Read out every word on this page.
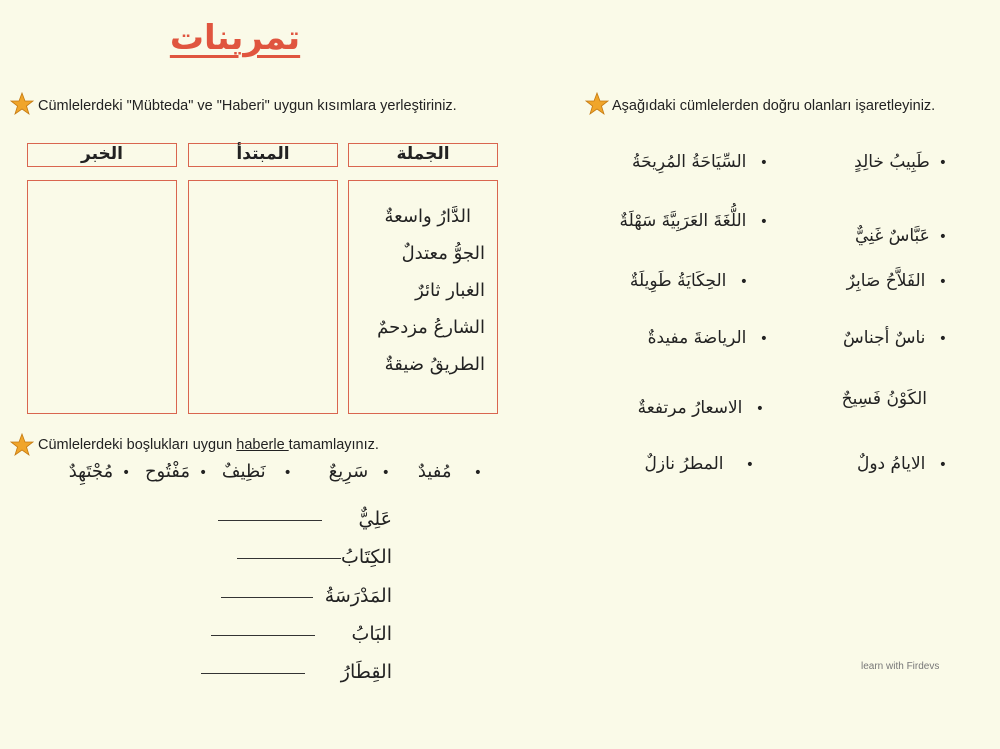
تمرينات
Cümlelerdeki "Mübteda" ve "Haberi" uygun kısımlara yerleştiriniz.	Aşağıdaki cümlelerden doğru olanları işaretleyiniz.
الخبر	المبتدأ	الجملة
الدَّارُ واسعةٌ
الجوُّ معتدلٌ
الغبار ثائرٌ
الشارعُ مزدحمٌ
الطريقُ ضيقةٌ
•  طَبِيبُ خالِدٍ
•  عَبَّاسٌ غَنِيٌّ
•   الفَلاَّحُ صَابِرٌ
•   ناسٌ أجناسٌ
الكَوْنُ فَسِيحٌ
•   الايامُ دولٌ
•   السِّيَاحَةُ المُرِيحَةُ
•   اللُّغَةَ العَرَبِيَّةَ سَهْلَةٌ
•   الحِكَايَةُ طَوِيلَةٌ
•   الرياضةَ مفيدةٌ
•   الاسعارُ مرتفعةٌ
•     المطرُ نازلٌ
Cümlelerdeki boşlukları uygun haberle tamamlayınız.
•     مُفيدٌ      •   سَرِيعٌ        •    نَظِيفٌ   •  مَفْتُوح   •  مُجْتَهِدٌ
عَلِيٌّ
الكِتَابُ
المَدْرَسَةُ
البَابُ
القِطَارُ	learn with Firdevs
